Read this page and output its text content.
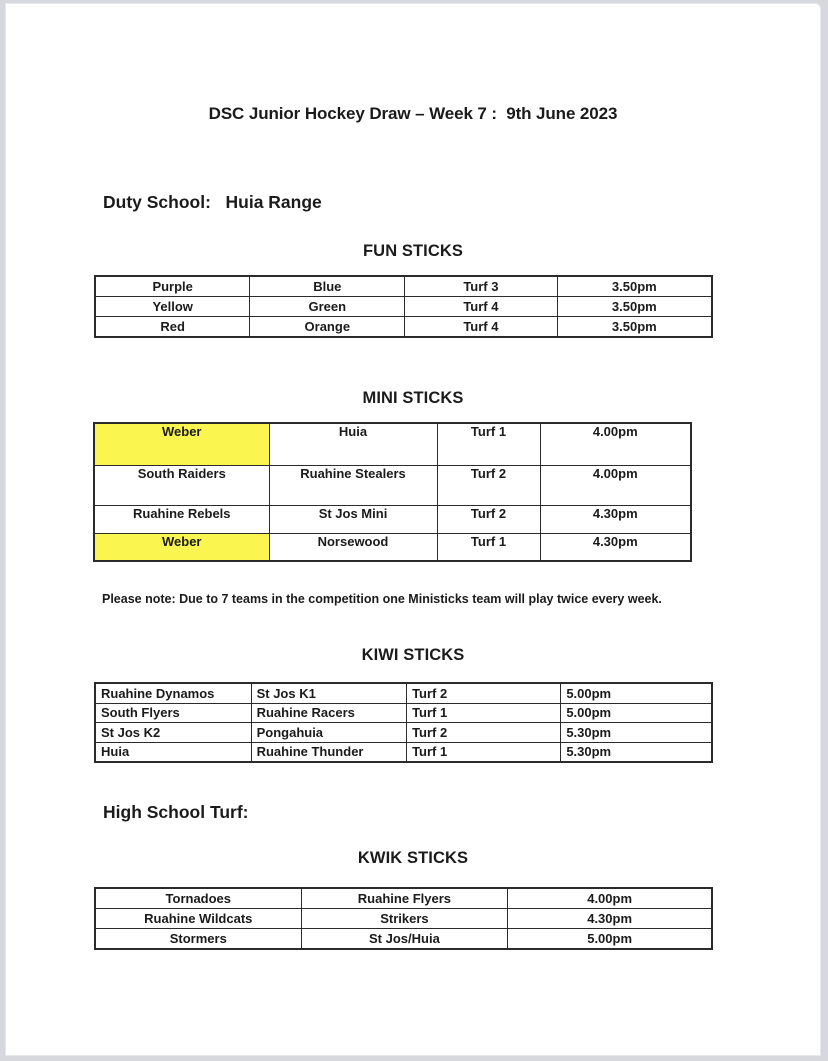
DSC Junior Hockey Draw – Week 7 :  9th June 2023
Duty School:   Huia Range
FUN STICKS
Purple	Blue	Turf 3	3.50pm
Yellow	Green	Turf 4	3.50pm
Red	Orange	Turf 4	3.50pm
MINI STICKS
Weber	Huia	Turf 1	4.00pm
South Raiders	Ruahine Stealers	Turf 2	4.00pm
Ruahine Rebels	St Jos Mini	Turf 2	4.30pm
Weber	Norsewood	Turf 1	4.30pm
Please note: Due to 7 teams in the competition one Ministicks team will play twice every week.
KIWI STICKS
Ruahine Dynamos	St Jos K1	Turf 2	5.00pm
South Flyers	Ruahine Racers	Turf 1	5.00pm
St Jos K2	Pongahuia	Turf 2	5.30pm
Huia	Ruahine Thunder	Turf 1	5.30pm
High School Turf:
KWIK STICKS
Tornadoes	Ruahine Flyers	4.00pm
Ruahine Wildcats	Strikers	4.30pm
Stormers	St Jos/Huia	5.00pm
